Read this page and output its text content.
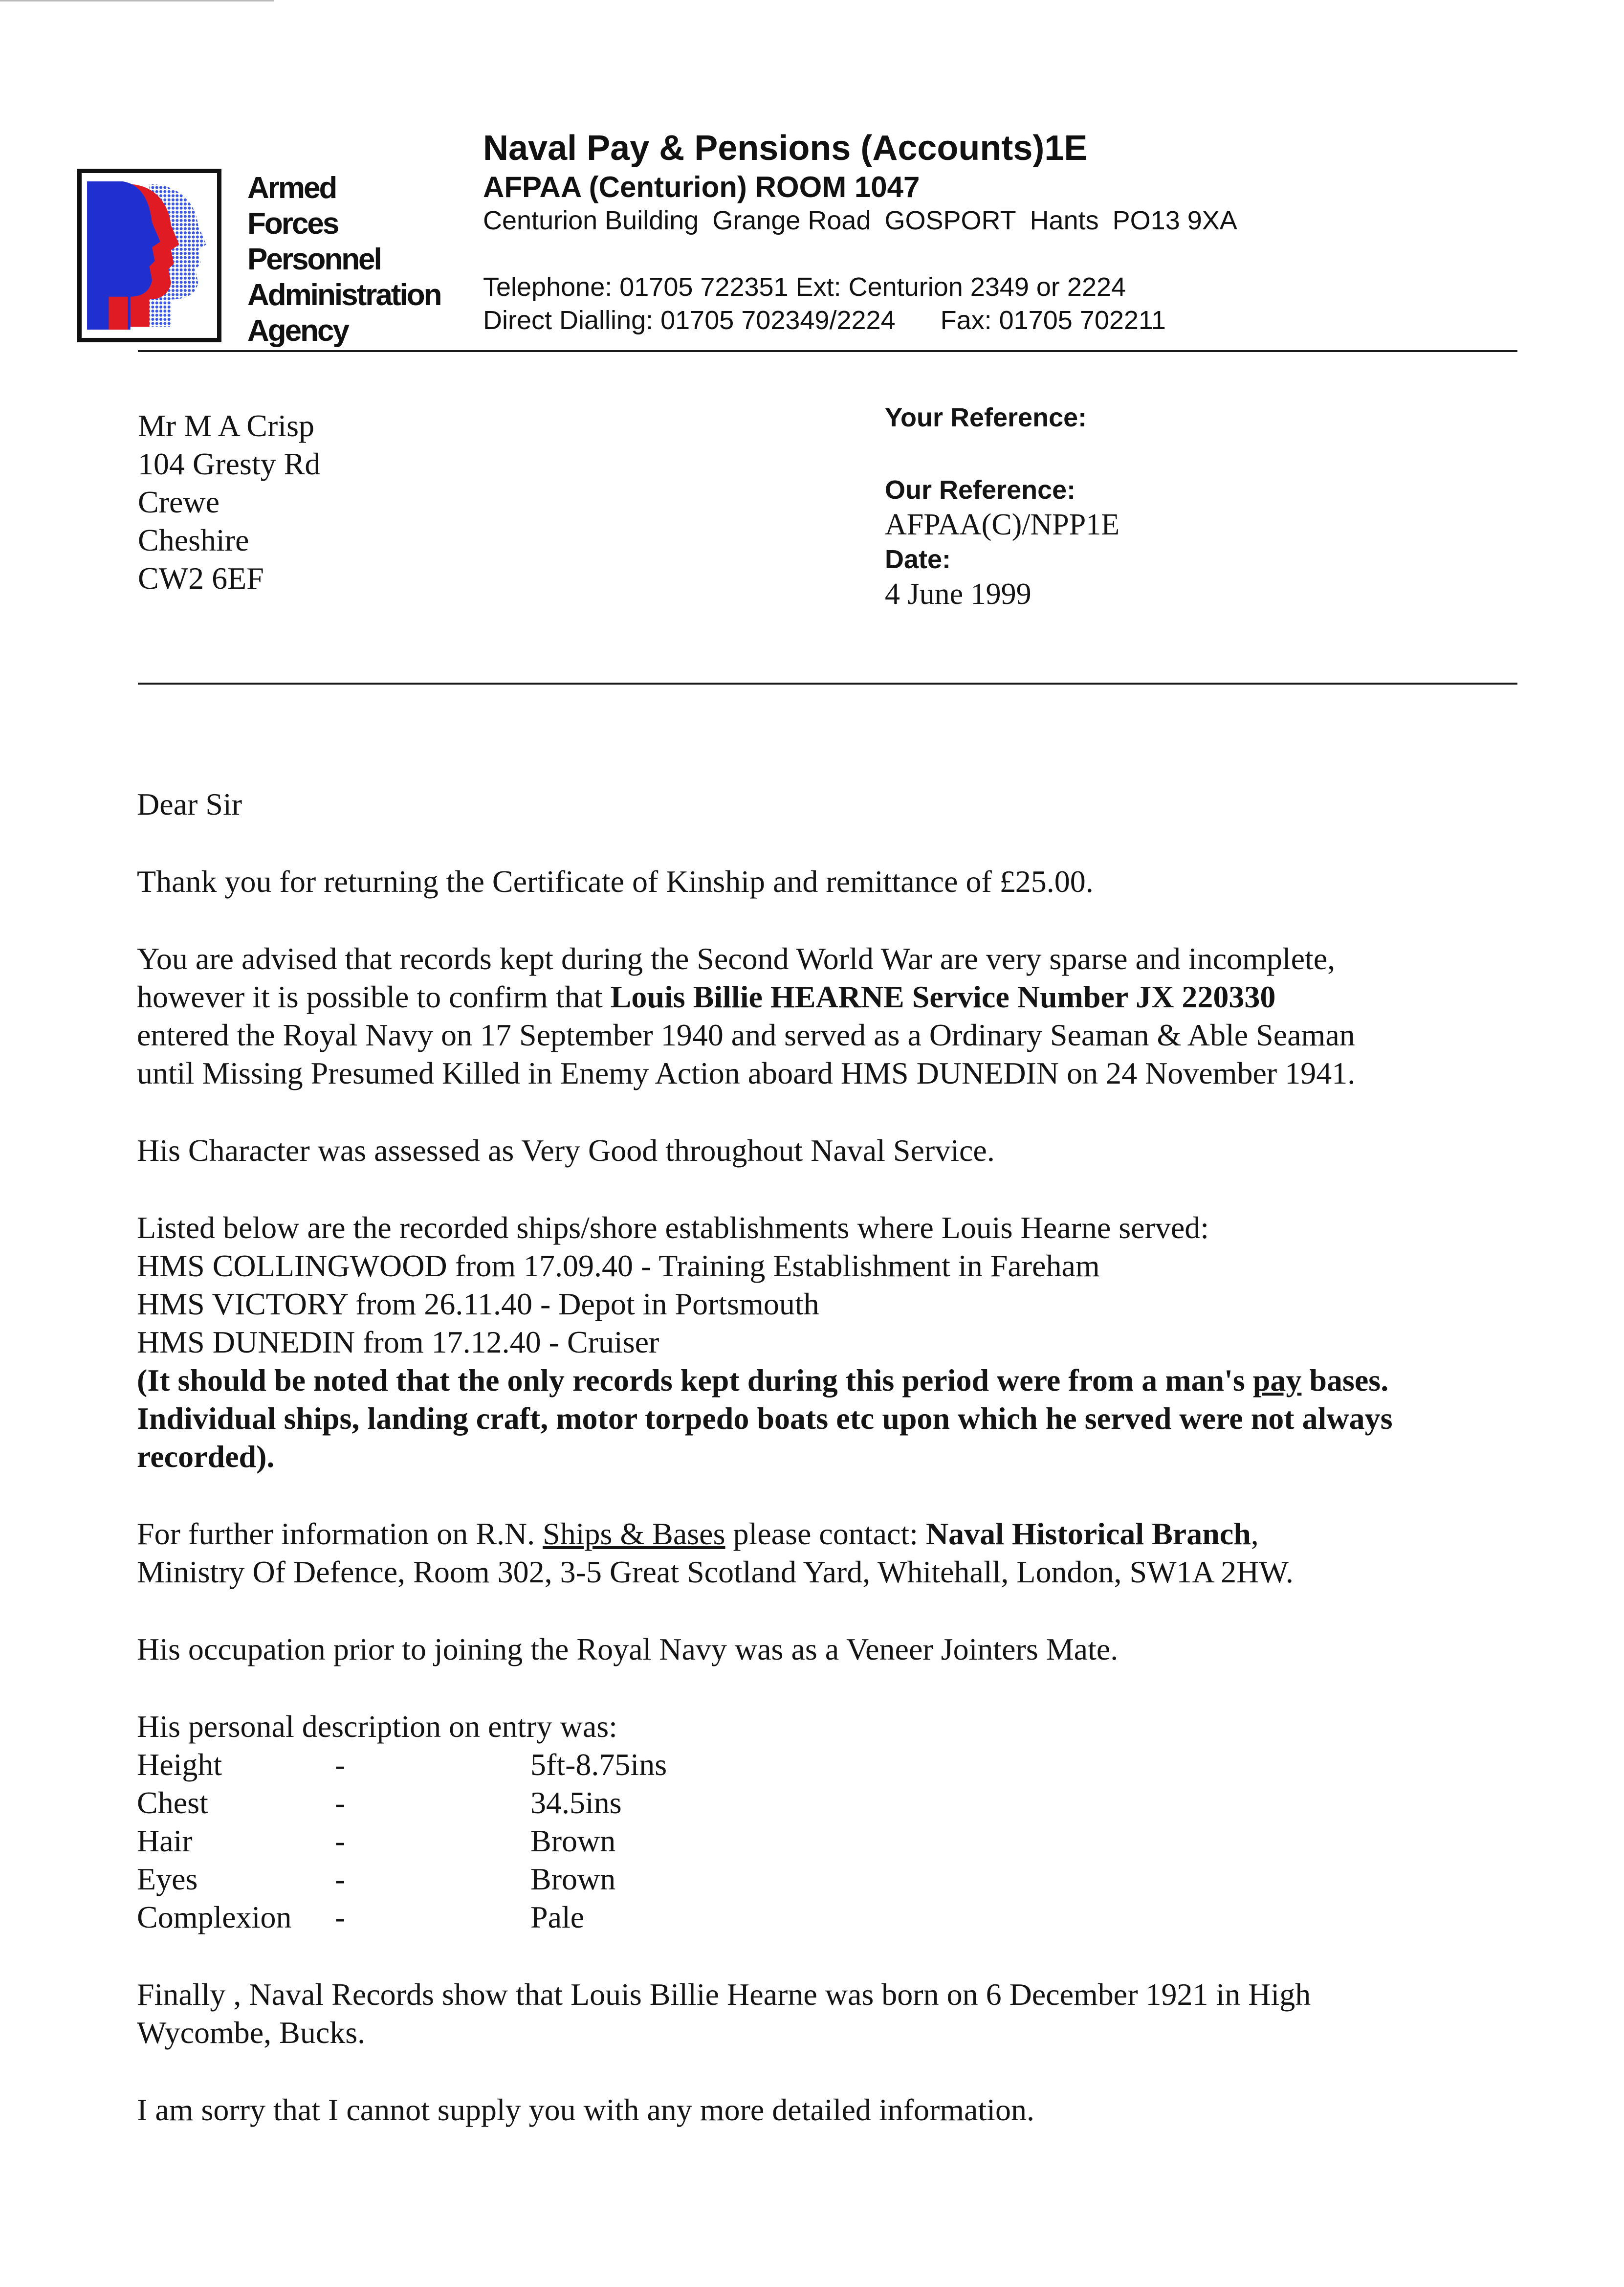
Armed
Forces
Personnel
Administration
Agency
Naval Pay & Pensions (Accounts)1E
AFPAA (Centurion) ROOM 1047
Centurion Building Grange Road GOSPORT Hants PO13 9XA
Telephone: 01705 722351 Ext: Centurion 2349 or 2224
Direct Dialling: 01705 702349/2224 Fax: 01705 702211
Mr M A Crisp
104 Gresty Rd
Crewe
Cheshire
CW2 6EF
Your Reference:
Our Reference:
AFPAA(C)/NPP1E
Date:
4 June 1999

Dear Sir

Thank you for returning the Certificate of Kinship and remittance of £25.00.

You are advised that records kept during the Second World War are very sparse and incomplete,
however it is possible to confirm that Louis Billie HEARNE Service Number JX 220330
entered the Royal Navy on 17 September 1940 and served as a Ordinary Seaman & Able Seaman
until Missing Presumed Killed in Enemy Action aboard HMS DUNEDIN on 24 November 1941.

His Character was assessed as Very Good throughout Naval Service.

Listed below are the recorded ships/shore establishments where Louis Hearne served:
HMS COLLINGWOOD from 17.09.40 - Training Establishment in Fareham
HMS VICTORY from 26.11.40 - Depot in Portsmouth
HMS DUNEDIN from 17.12.40 - Cruiser
(It should be noted that the only records kept during this period were from a man's pay bases.
Individual ships, landing craft, motor torpedo boats etc upon which he served were not always
recorded).

For further information on R.N. Ships & Bases please contact: Naval Historical Branch,
Ministry Of Defence, Room 302, 3-5 Great Scotland Yard, Whitehall, London, SW1A 2HW.

His occupation prior to joining the Royal Navy was as a Veneer Jointers Mate.

His personal description on entry was:
Height	-	5ft-8.75ins
Chest	-	34.5ins
Hair	-	Brown
Eyes	-	Brown
Complexion	-	Pale

Finally , Naval Records show that Louis Billie Hearne was born on 6 December 1921 in High
Wycombe, Bucks.

I am sorry that I cannot supply you with any more detailed information.
